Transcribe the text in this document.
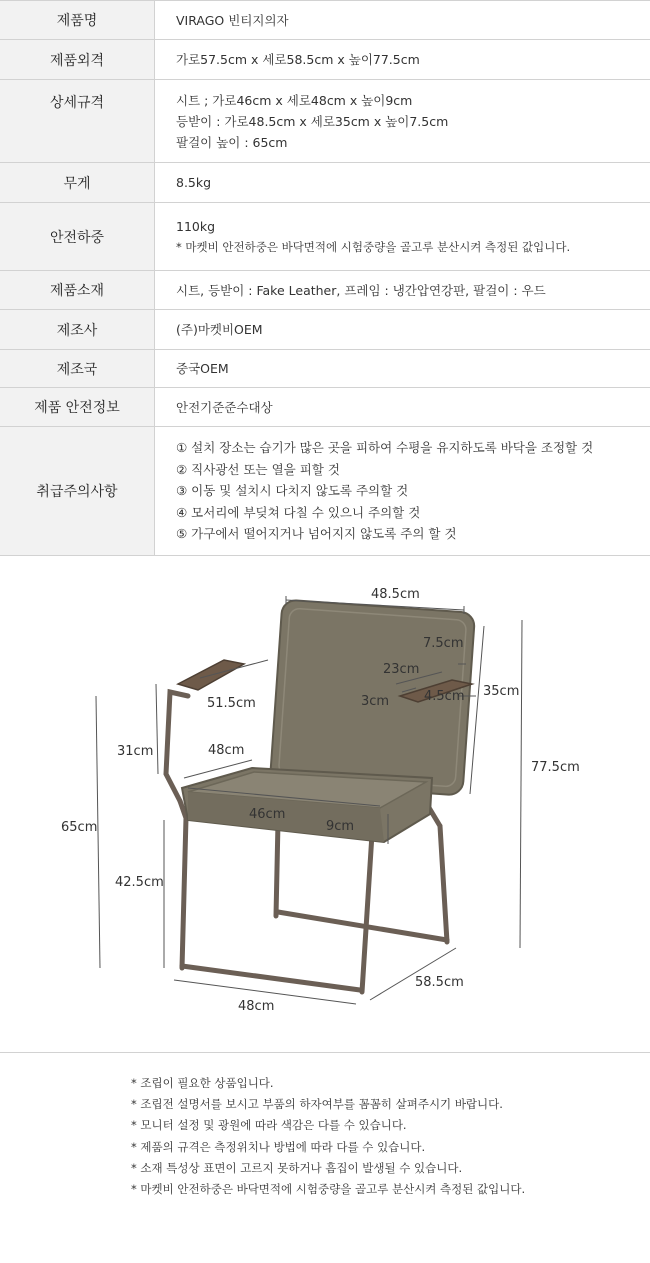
제품명	VIRAGO 빈티지의자

제품외격	가로57.5cm x 세로58.5cm x 높이77.5cm

상세규격	시트 ; 가로46cm x 세로48cm x 높이9cm
등받이 : 가로48.5cm x 세로35cm x 높이7.5cm
팔걸이 높이 : 65cm

무게	8.5kg

안전하중	110kg
* 마켓비 안전하중은 바닥면적에 시험중량을 골고루 분산시켜 측정된 값입니다.

제품소재	시트, 등받이 : Fake Leather, 프레임 : 냉간압연강판, 팔걸이 : 우드

제조사	(주)마켓비OEM

제조국	중국OEM

제품 안전정보	안전기준준수대상

취급주의사항	① 설치 장소는 습기가 많은 곳을 피하여 수평을 유지하도록 바닥을 조정할 것
② 직사광선 또는 열을 피할 것
③ 이동 및 설치시 다치지 않도록 주의할 것
④ 모서리에 부딪쳐 다칠 수 있으니 주의할 것
⑤ 가구에서 떨어지거나 넘어지지 않도록 주의 할 것
48.5cm
7.5cm
23cm
3cm	4.5cm 35cm
51.5cm
31cm	48cm
77.5cm
65cm
46cm
9cm
42.5cm
58.5cm
48cm
* 조립이 필요한 상품입니다.
* 조립전 설명서를 보시고 부품의 하자여부를 꼼꼼히 살펴주시기 바랍니다.
* 모니터 설정 및 광원에 따라 색감은 다를 수 있습니다.
* 제품의 규격은 측정위치나 방법에 따라 다를 수 있습니다.
* 소재 특성상 표면이 고르지 못하거나 흠집이 발생될 수 있습니다.
* 마켓비 안전하중은 바닥면적에 시험중량을 골고루 분산시켜 측정된 값입니다.
